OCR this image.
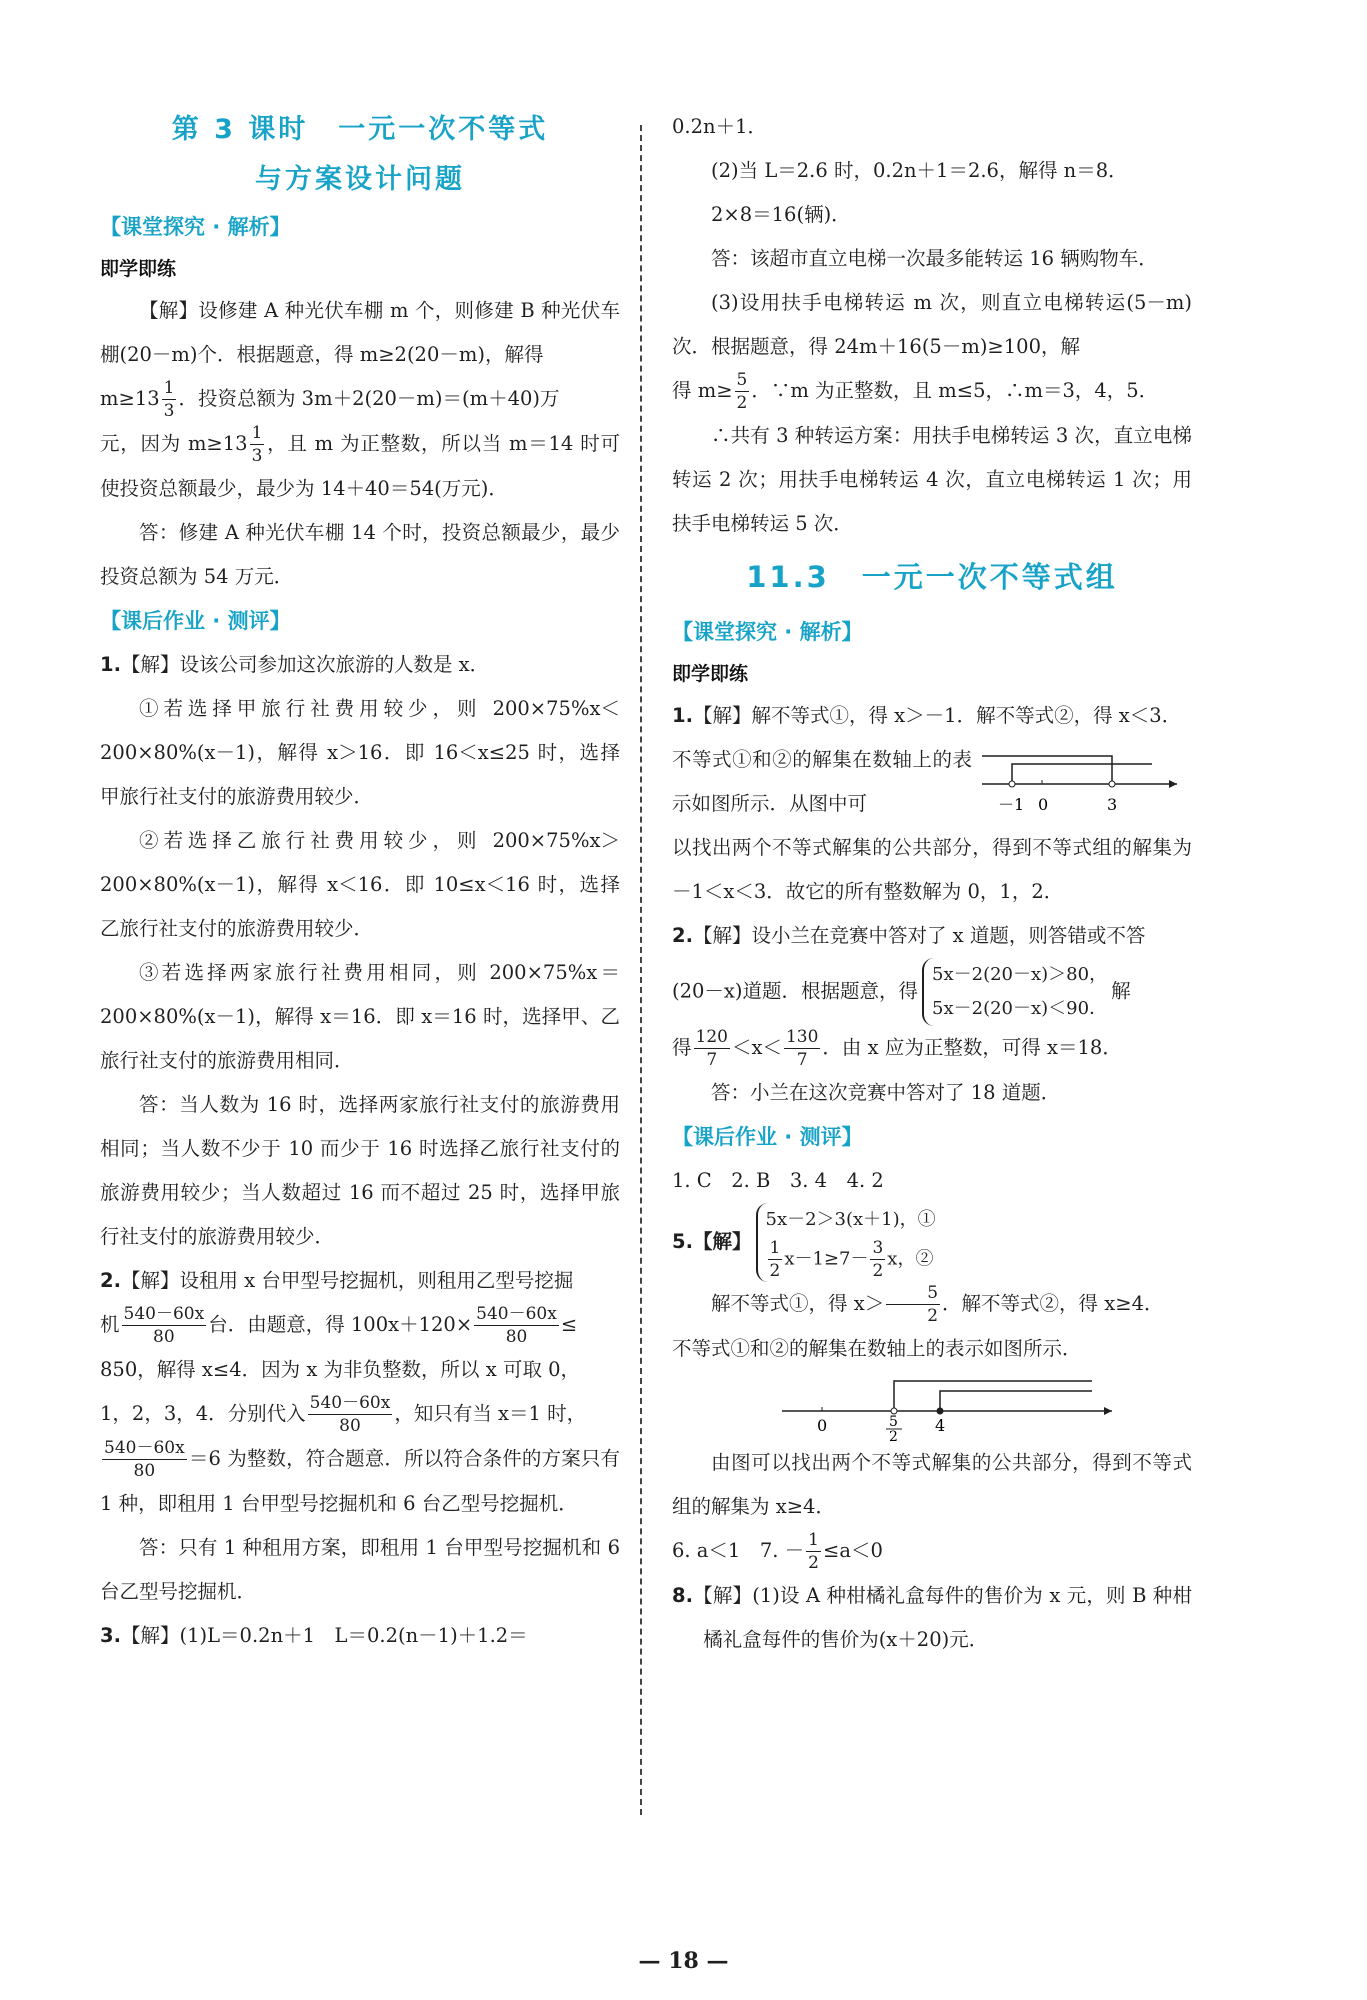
第 3 课时　一元一次不等式
与方案设计问题
【课堂探究 · 解析】
即学即练

【解】设修建 A 种光伏车棚 m 个，则修建 B 种光伏车棚(20－m)个．根据题意，得 m≥2(20－m)，解得

$m\ge 13 \frac{1}{3}$ ．投资总额为 3m＋2(20－m)＝(m＋40)万

元，因为 $m\ge 13 \frac{1}{3}$ ，且 m 为正整数，所以当 m＝14 时可使投资总额最少，最少为 14＋40＝54(万元)．

答：修建 A 种光伏车棚 14 个时，投资总额最少，最少投资总额为 54 万元．

【课后作业 · 测评】

1.【解】设该公司参加这次旅游的人数是 x．

①若选择甲旅行社费用较少，则 200×75%x＜200×80%(x－1)，解得 x＞16．即 16＜x≤25 时，选择甲旅行社支付的旅游费用较少．

②若选择乙旅行社费用较少，则 200×75%x＞200×80%(x－1)，解得 x＜16．即 10≤x＜16 时，选择乙旅行社支付的旅游费用较少．

③若选择两家旅行社费用相同，则 200×75%x＝200×80%(x－1)，解得 x＝16．即 x＝16 时，选择甲、乙旅行社支付的旅游费用相同．

答：当人数为 16 时，选择两家旅行社支付的旅游费用相同；当人数不少于 10 而少于 16 时选择乙旅行社支付的旅游费用较少；当人数超过 16 而不超过 25 时，选择甲旅行社支付的旅游费用较少．

2.【解】设租用 x 台甲型号挖掘机，则租用乙型号挖掘

机 $\frac{540-60x}{80}$ 台．由题意，得 $100x+120\times \frac{540-60x}{80}$ ≤

850，解得 x≤4．因为 x 为非负整数，所以 x 可取 0，

1，2，3，4．分别代入 $\frac{540-60x}{80}$ ，知只有当 x＝1 时，

$\frac{540-60x}{80} =6$ 为整数，符合题意．所以符合条件的方案只有 1 种，即租用 1 台甲型号挖掘机和 6 台乙型号挖掘机．

答：只有 1 种租用方案，即租用 1 台甲型号挖掘机和 6 台乙型号挖掘机．

3.【解】(1)L＝0.2n＋1　L＝0.2(n－1)＋1.2＝

0.2n＋1．

(2)当 L＝2.6 时，0.2n＋1＝2.6，解得 n＝8．

2×8＝16(辆)．

答：该超市直立电梯一次最多能转运 16 辆购物车．

(3)设用扶手电梯转运 m 次，则直立电梯转运(5－m)次．根据题意，得 24m＋16(5－m)≥100，解

得 $m\ge \frac{5}{2}$ ．∵m 为正整数，且 m≤5，∴m＝3，4，5．

∴共有 3 种转运方案：用扶手电梯转运 3 次，直立电梯转运 2 次；用扶手电梯转运 4 次，直立电梯转运 1 次；用扶手电梯转运 5 次．

11.3　一元一次不等式组
【课堂探究 · 解析】
即学即练

1.【解】解不等式①，得 x＞－1．解不等式②，得 x＜3．

不等式①和②的解集在数轴上的表示如图所示．从图中可	－1 0	3

以找出两个不等式解集的公共部分，得到不等式组的解集为－1＜x＜3．故它的所有整数解为 0，1，2．

2.【解】设小兰在竞赛中答对了 x 道题，则答错或不答

(20－x)道题．根据题意，得
5x－2(20－x)＞80，
5x－2(20－x)＜90．
解

得 $\frac{120}{7} <x< \frac{130}{7}$ ．由 x 应为正整数，可得 x＝18．

答：小兰在这次竞赛中答对了 18 道题．

【课后作业 · 测评】

1. C　2. B　3. 4　4. 2

5.【解】
5x－2＞3(x＋1)，①
$\frac{1}{2} x-1\ge 7- \frac{3}{2}$ x，②

解不等式①，得 $x> \frac{5}{2}$ ．解不等式②，得 x≥4．

不等式①和②的解集在数轴上的表示如图所示．

0	5
2
4

由图可以找出两个不等式解集的公共部分，得到不等式组的解集为 x≥4．

6. a＜1　 7. － $\frac{1}{2} \le a<0$

8.【解】(1)设 A 种柑橘礼盒每件的售价为 x 元，则 B 种柑橘礼盒每件的售价为(x＋20)元．

— 18 —
